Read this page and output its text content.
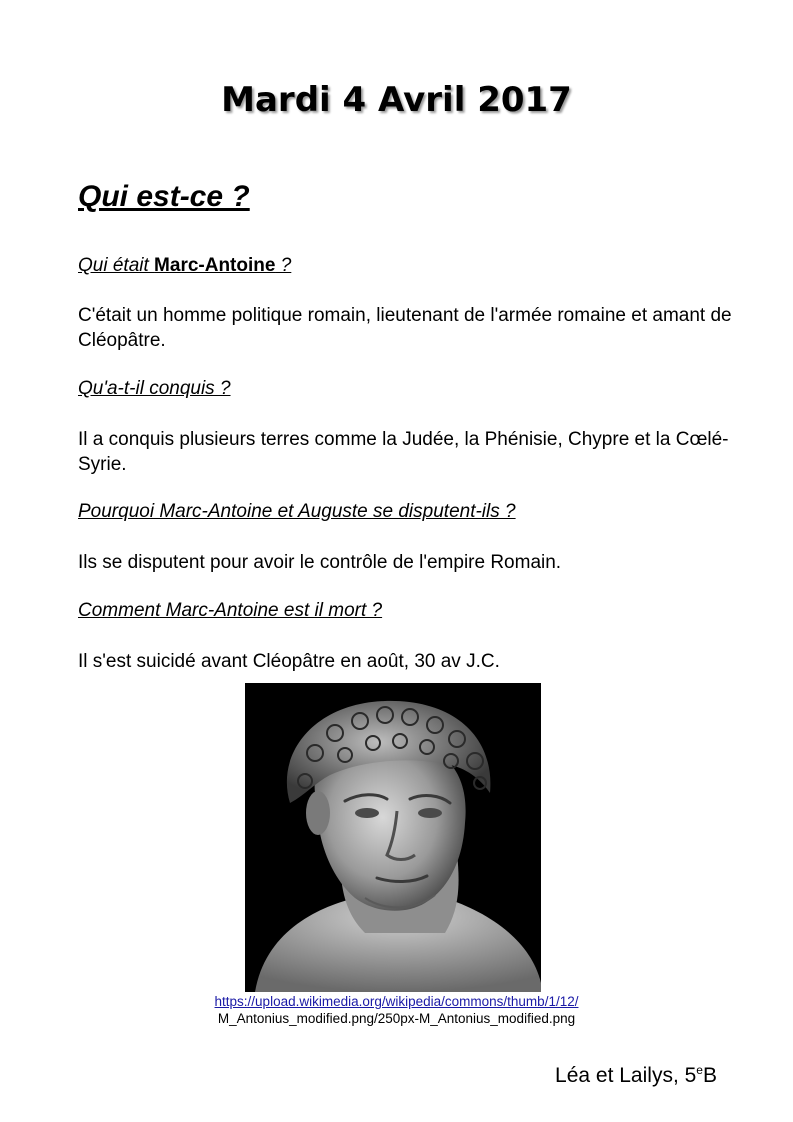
Mardi 4 Avril 2017
Qui est-ce ?

Qui était Marc-Antoine ?

C'était un homme politique romain, lieutenant de l'armée romaine et amant de Cléopâtre.

Qu'a-t-il conquis ?

Il a conquis plusieurs terres comme la Judée, la Phénisie, Chypre et la Cœlé-Syrie.

Pourquoi Marc-Antoine et Auguste se disputent-ils ?

Ils se disputent pour avoir le contrôle de l'empire Romain.

Comment Marc-Antoine est il mort ?

Il s'est suicidé avant Cléopâtre en août, 30 av J.C.

https://upload.wikimedia.org/wikipedia/commons/thumb/1/12/
M_Antonius_modified.png/250px-M_Antonius_modified.png

Léa et Lailys, 5eB
